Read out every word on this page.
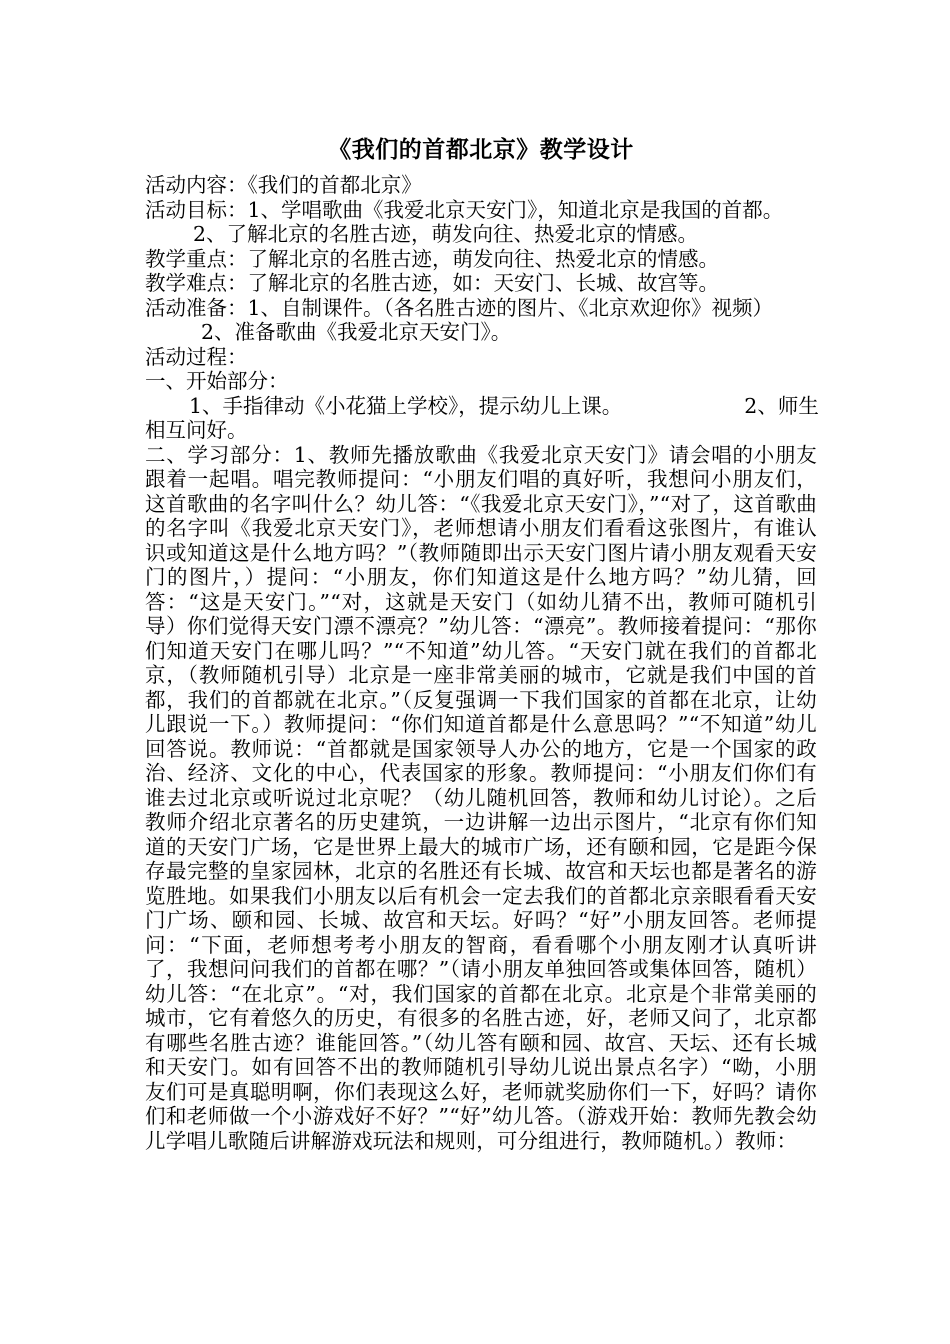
《我们的首都北京》教学设计

活动内容：《我们的首都北京》

活动目标：1、学唱歌曲《我爱北京天安门》，知道北京是我国的首都。

2、了解北京的名胜古迹，萌发向往、热爱北京的情感。

教学重点：了解北京的名胜古迹，萌发向往、热爱北京的情感。

教学难点：了解北京的名胜古迹，如：天安门、长城、故宫等。

活动准备：1、自制课件。（各名胜古迹的图片、《北京欢迎你》视频）

2、准备歌曲《我爱北京天安门》。

活动过程：

一、开始部分：

1、手指律动《小花猫上学校》，提示幼儿上课。	2、师生

相互问好。

二、学习部分：1、教师先播放歌曲《我爱北京天安门》请会唱的小朋友跟着一起唱。唱完教师提问：“小朋友们唱的真好听，我想问小朋友们，这首歌曲的名字叫什么？幼儿答：“《我爱北京天安门》，”“对了，这首歌曲的名字叫《我爱北京天安门》，老师想请小朋友们看看这张图片，有谁认识或知道这是什么地方吗？”（教师随即出示天安门图片请小朋友观看天安门的图片，）提问：“小朋友，你们知道这是什么地方吗？”幼儿猜，回答：“这是天安门。”“对，这就是天安门（如幼儿猜不出，教师可随机引导）你们觉得天安门漂不漂亮？”幼儿答：“漂亮”。教师接着提问：“那你们知道天安门在哪儿吗？”“不知道”幼儿答。“天安门就在我们的首都北京，（教师随机引导）北京是一座非常美丽的城市，它就是我们中国的首都，我们的首都就在北京。”（反复强调一下我们国家的首都在北京，让幼儿跟说一下。）教师提问：“你们知道首都是什么意思吗？”“不知道”幼儿回答说。教师说：“首都就是国家领导人办公的地方，它是一个国家的政治、经济、文化的中心，代表国家的形象。教师提问：“小朋友们你们有谁去过北京或听说过北京呢？（幼儿随机回答，教师和幼儿讨论）。之后教师介绍北京著名的历史建筑，一边讲解一边出示图片，“北京有你们知道的天安门广场，它是世界上最大的城市广场，还有颐和园，它是距今保存最完整的皇家园林，北京的名胜还有长城、故宫和天坛也都是著名的游览胜地。如果我们小朋友以后有机会一定去我们的首都北京亲眼看看天安门广场、颐和园、长城、故宫和天坛。好吗？“好”小朋友回答。老师提问：“下面，老师想考考小朋友的智商，看看哪个小朋友刚才认真听讲了，我想问问我们的首都在哪？”（请小朋友单独回答或集体回答，随机）幼儿答：“在北京”。“对，我们国家的首都在北京。北京是个非常美丽的城市，它有着悠久的历史，有很多的名胜古迹，好，老师又问了，北京都有哪些名胜古迹？谁能回答。”（幼儿答有颐和园、故宫、天坛、还有长城和天安门。如有回答不出的教师随机引导幼儿说出景点名字）“呦，小朋友们可是真聪明啊，你们表现这么好，老师就奖励你们一下，好吗？请你们和老师做一个小游戏好不好？”“好”幼儿答。（游戏开始：教师先教会幼儿学唱儿歌随后讲解游戏玩法和规则，可分组进行，教师随机。）教师：
